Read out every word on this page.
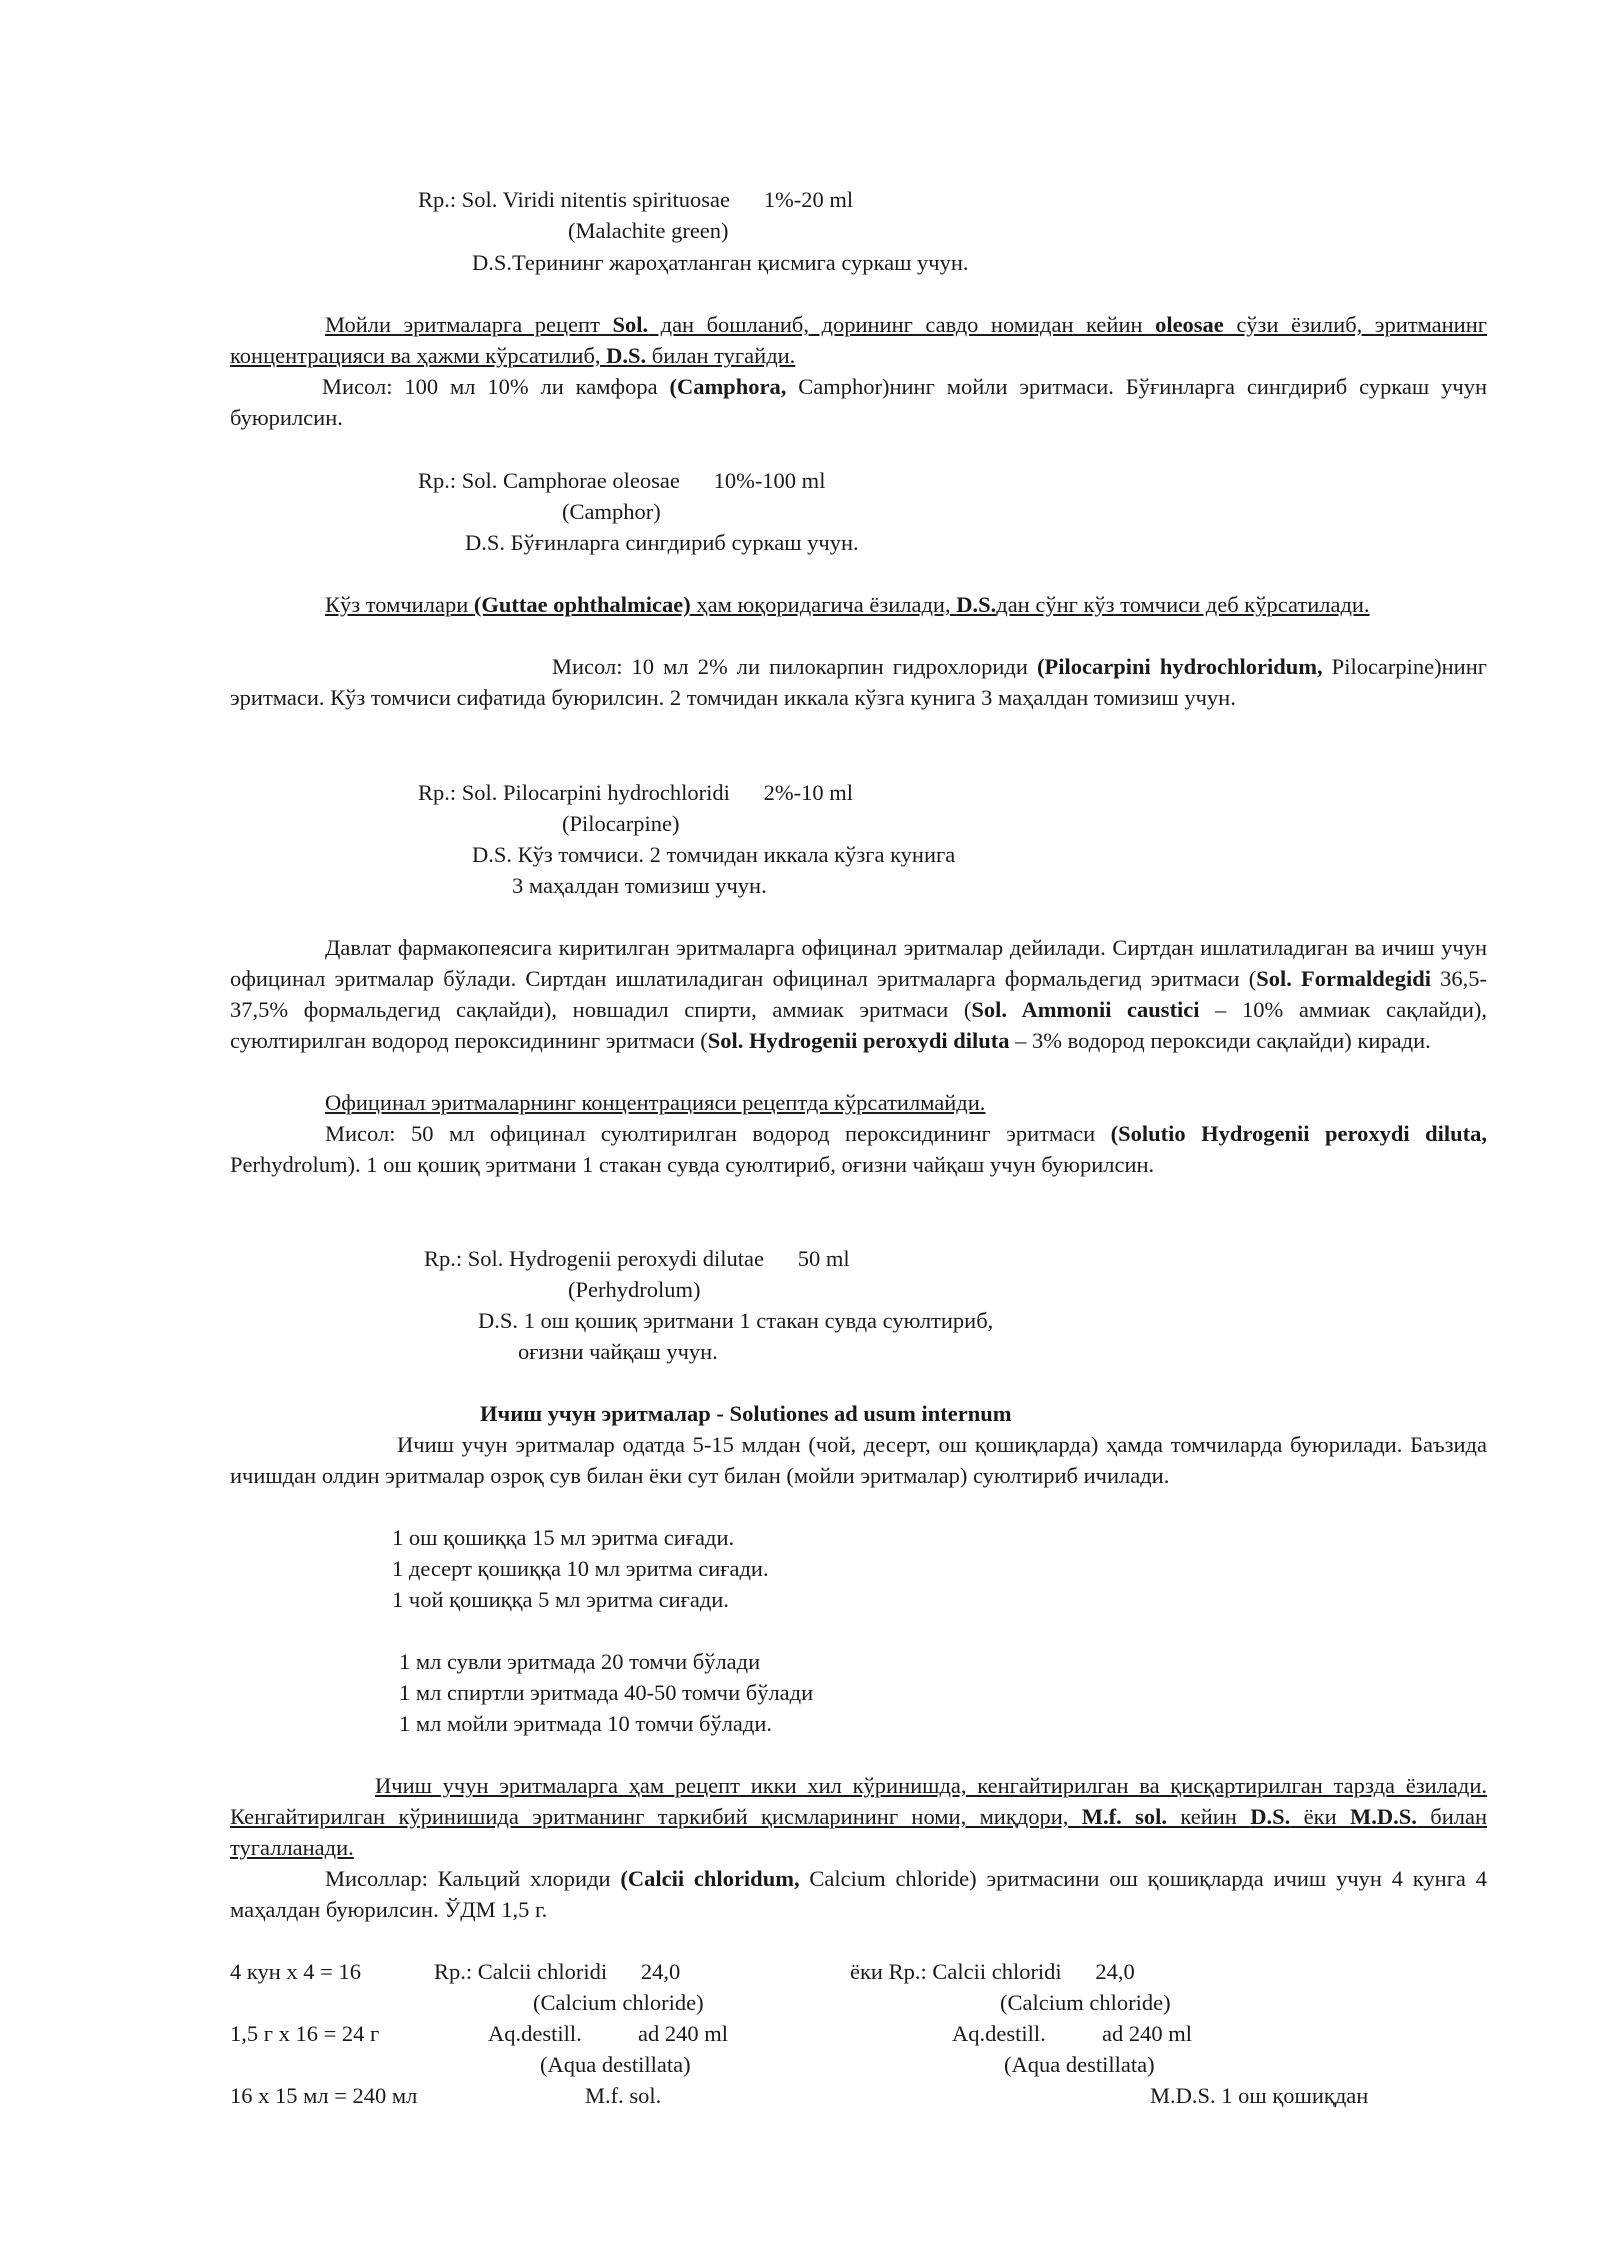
Rp.: Sol. Viridi nitentis spirituosae      1%-20 ml
(Malachite green)
D.S.Терининг жароҳатланган қисмига суркаш учун.

Мойли эритмаларга рецепт Sol. дан бошланиб, дорининг савдо номидан кейин oleosae сўзи ёзилиб, эритманинг концентрацияси ва ҳажми кўрсатилиб, D.S. билан тугайди.

Мисол: 100 мл 10% ли камфора (Camphora, Camphor)нинг мойли эритмаси. Бўғинларга сингдириб суркаш учун буюрилсин.

Rp.: Sol. Camphorae oleosae      10%-100 ml
(Camphor)
D.S. Бўғинларга сингдириб суркаш учун.

Кўз томчилари (Guttae ophthalmicae) ҳам юқоридагича ёзилади, D.S.дан сўнг кўз томчиси деб кўрсатилади.

Мисол: 10 мл 2% ли пилокарпин гидрохлориди (Pilocarpini hydrochloridum, Pilocarpine)нинг эритмаси. Кўз томчиси сифатида буюрилсин. 2 томчидан иккала кўзга кунига 3 маҳалдан томизиш учун.

Rp.: Sol. Pilocarpini hydrochloridi      2%-10 ml
(Pilocarpine)
D.S. Кўз томчиси. 2 томчидан иккала кўзга кунига
3 маҳалдан томизиш учун.

Давлат фармакопеясига киритилган эритмаларга официнал эритмалар дейилади. Сиртдан ишлатиладиган ва ичиш учун официнал эритмалар бўлади. Сиртдан ишлатиладиган официнал эритмаларга формальдегид эритмаси (Sol. Formaldegidi 36,5-37,5% формальдегид сақлайди), новшадил спирти, аммиак эритмаси (Sol. Ammonii caustici – 10% аммиак сақлайди), суюлтирилган водород пероксидининг эритмаси (Sol. Hydrogenii peroxydi diluta – 3% водород пероксиди сақлайди) киради.

Официнал эритмаларнинг концентрацияси рецептда кўрсатилмайди.

Мисол: 50 мл официнал суюлтирилган водород пероксидининг эритмаси (Solutio Hydrogenii peroxydi diluta, Perhydrolum). 1 ош қошиқ эритмани 1 стакан сувда суюлтириб, оғизни чайқаш учун буюрилсин.

Rp.: Sol. Hydrogenii peroxydi dilutae      50 ml
(Perhydrolum)
D.S. 1 ош қошиқ эритмани 1 стакан сувда суюлтириб,
оғизни чайқаш учун.
Ичиш учун эритмалар - Solutiones ad usum internum

Ичиш учун эритмалар одатда 5-15 млдан (чой, десерт, ош қошиқларда) ҳамда томчиларда буюрилади. Баъзида ичишдан олдин эритмалар озроқ сув билан ёки сут билан (мойли эритмалар) суюлтириб ичилади.

1 ош қошиққа 15 мл эритма сиғади.
1 десерт қошиққа 10 мл эритма сиғади.
1 чой қошиққа 5 мл эритма сиғади.
1 мл сувли эритмада 20 томчи бўлади
1 мл спиртли эритмада 40-50 томчи бўлади
1 мл мойли эритмада 10 томчи бўлади.

Ичиш учун эритмаларга ҳам рецепт икки хил кўринишда, кенгайтирилган ва қисқартирилган тарзда ёзилади. Кенгайтирилган кўринишида эритманинг таркибий қисмларининг номи, миқдори, M.f. sol. кейин D.S. ёки M.D.S. билан тугалланади.

Мисоллар: Кальций хлориди (Calcii chloridum, Calcium chloride) эритмасини ош қошиқларда ичиш учун 4 кунга 4 маҳалдан буюрилсин. ЎДМ 1,5 г.

4 кун х 4 = 16
1,5 г х 16 = 24 г
16 х 15 мл = 240 мл
Rp.: Calcii chloridi      24,0
(Calcium chloride)
Aq.destill.          ad 240 ml
(Aqua destillata)
M.f. sol.
ёки Rp.: Calcii chloridi      24,0
(Calcium chloride)
Aq.destill.          ad 240 ml
(Aqua destillata)
M.D.S. 1 ош қошиқдан
